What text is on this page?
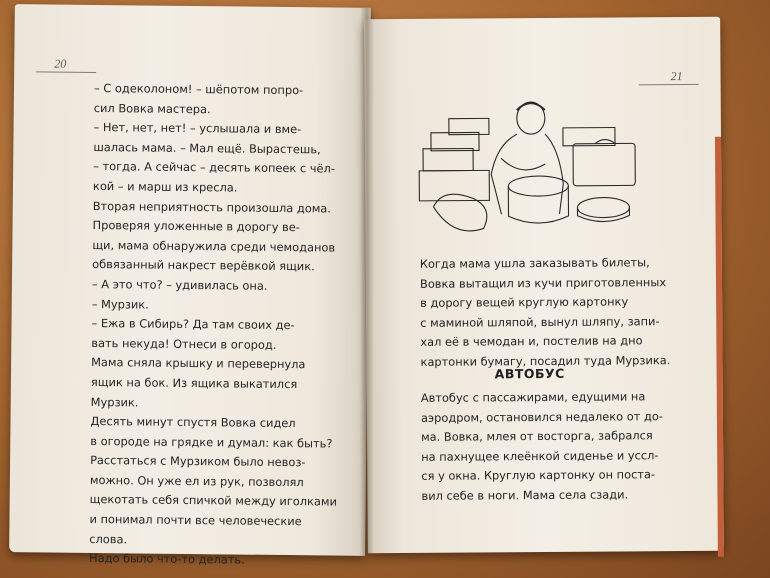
20
– С одеколоном! – шёпотом попро-
сил Вовка мастера.
– Нет, нет, нет! – услышала и вме-
шалась мама. – Мал ещё. Вырастешь,
– тогда. А сейчас – десять копеек с чёл-
кой – и марш из кресла.
Вторая неприятность произошла дома.
Проверяя уложенные в дорогу ве-
щи, мама обнаружила среди чемоданов
обвязанный накрест верёвкой ящик.
– А это что? – удивилась она.
– Мурзик.
– Ежа в Сибирь? Да там своих де-
вать некуда! Отнеси в огород.
Мама сняла крышку и перевернула
ящик на бок. Из ящика выкатился
Мурзик.
Десять минут спустя Вовка сидел
в огороде на грядке и думал: как быть?
Расстаться с Мурзиком было невоз-
можно. Он уже ел из рук, позволял
щекотать себя спичкой между иголками
и понимал почти все человеческие
слова.
Надо было что-то делать.
21
Когда мама ушла заказывать билеты,
Вовка вытащил из кучи приготовленных
в дорогу вещей круглую картонку
с маминой шляпой, вынул шляпу, запи-
хал её в чемодан и, постелив на дно
картонки бумагу, посадил туда Мурзика.
АВТОБУС
Автобус с пассажирами, едущими на
аэродром, остановился недалеко от до-
ма. Вовка, млея от восторга, забрался
на пахнущее клеёнкой сиденье и уссл-
ся у окна. Круглую картонку он поста-
вил себе в ноги. Мама села сзади.
